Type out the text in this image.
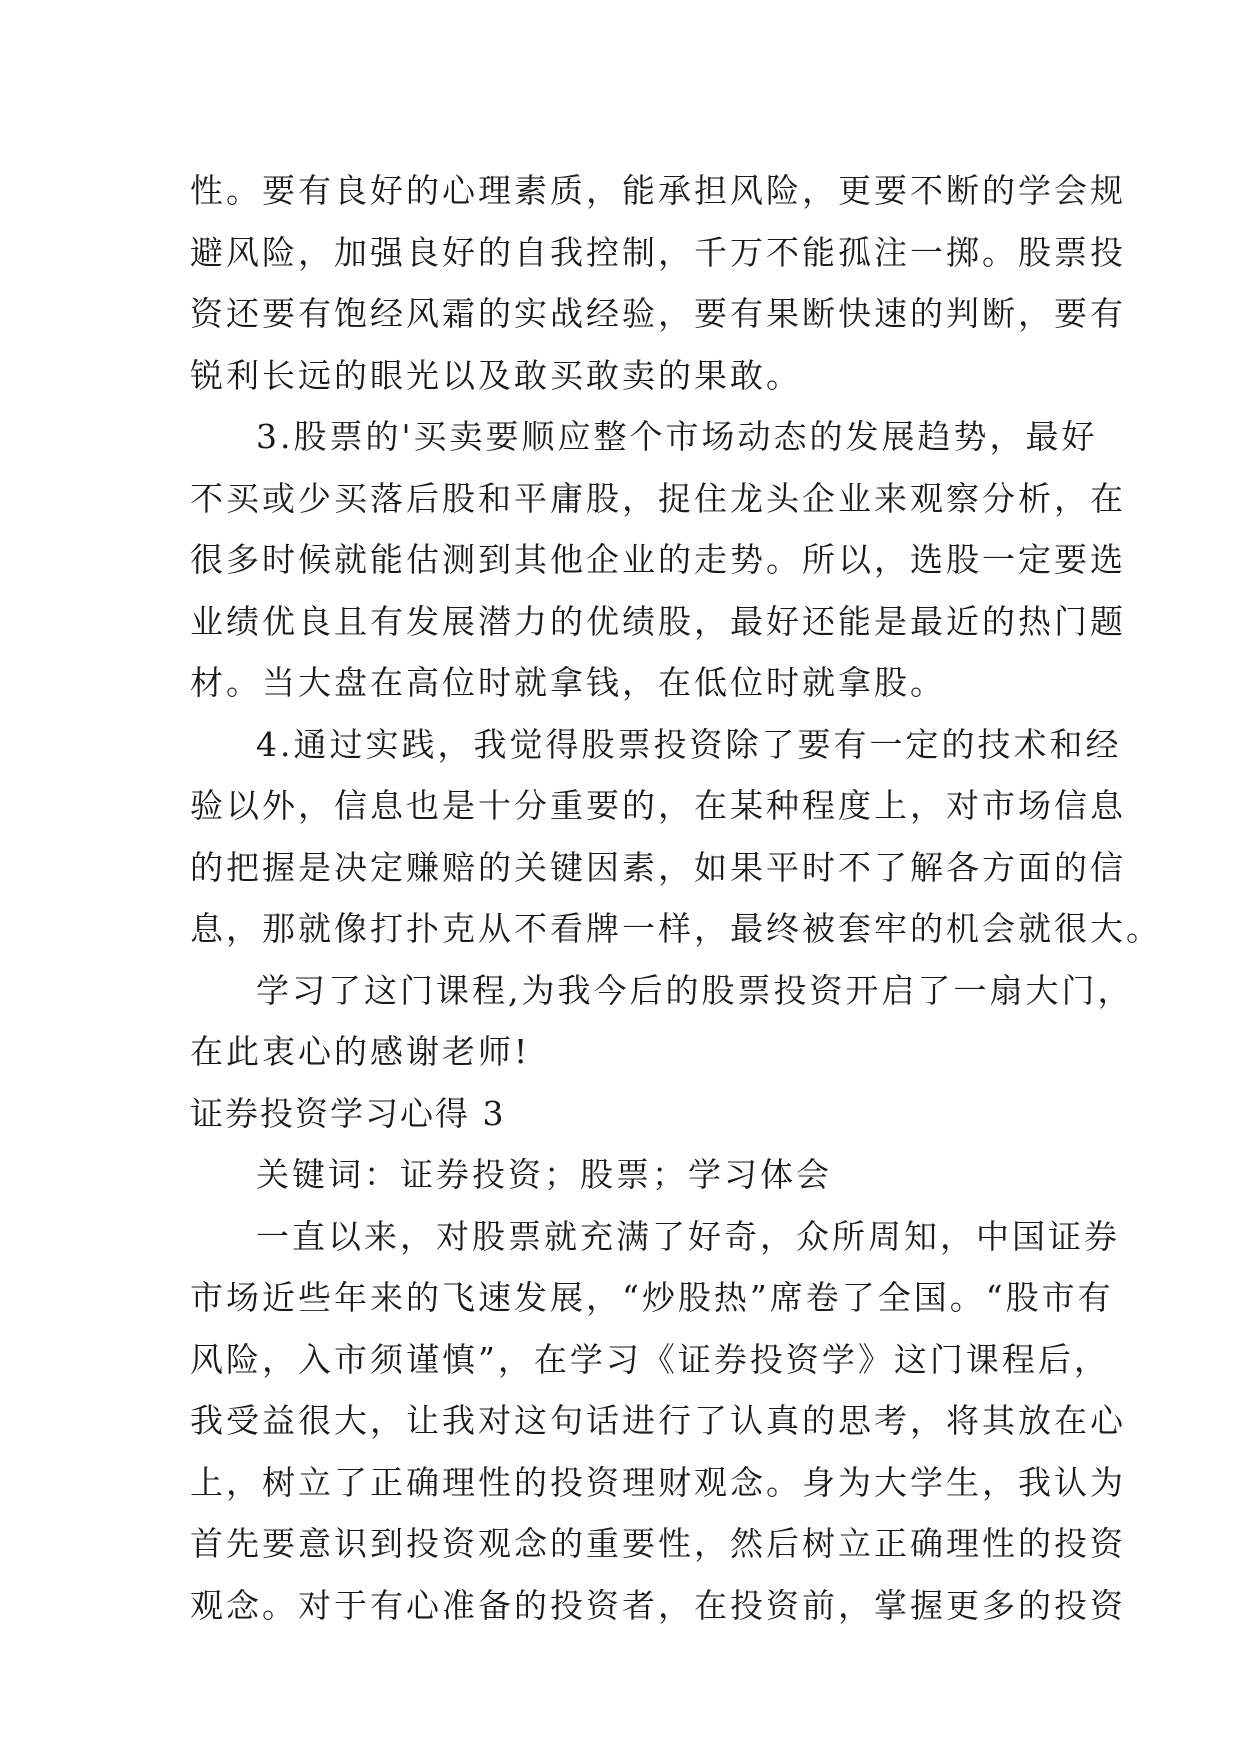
性。要有良好的心理素质，能承担风险，更要不断的学会规
避风险，加强良好的自我控制，千万不能孤注一掷。股票投
资还要有饱经风霜的实战经验，要有果断快速的判断，要有
锐利长远的眼光以及敢买敢卖的果敢。
3.股票的'买卖要顺应整个市场动态的发展趋势，最好
不买或少买落后股和平庸股，捉住龙头企业来观察分析，在
很多时候就能估测到其他企业的走势。所以，选股一定要选
业绩优良且有发展潜力的优绩股，最好还能是最近的热门题
材。当大盘在高位时就拿钱，在低位时就拿股。
4.通过实践，我觉得股票投资除了要有一定的技术和经
验以外，信息也是十分重要的，在某种程度上，对市场信息
的把握是决定赚赔的关键因素，如果平时不了解各方面的信
息，那就像打扑克从不看牌一样，最终被套牢的机会就很大。
学习了这门课程,为我今后的股票投资开启了一扇大门，
在此衷心的感谢老师!
证券投资学习心得 3
关键词：证券投资；股票；学习体会
一直以来，对股票就充满了好奇，众所周知，中国证券
市场近些年来的飞速发展，“炒股热”席卷了全国。“股市有
风险，入市须谨慎”，在学习《证券投资学》这门课程后，
我受益很大，让我对这句话进行了认真的思考，将其放在心
上，树立了正确理性的投资理财观念。身为大学生，我认为
首先要意识到投资观念的重要性，然后树立正确理性的投资
观念。对于有心准备的投资者，在投资前，掌握更多的投资
